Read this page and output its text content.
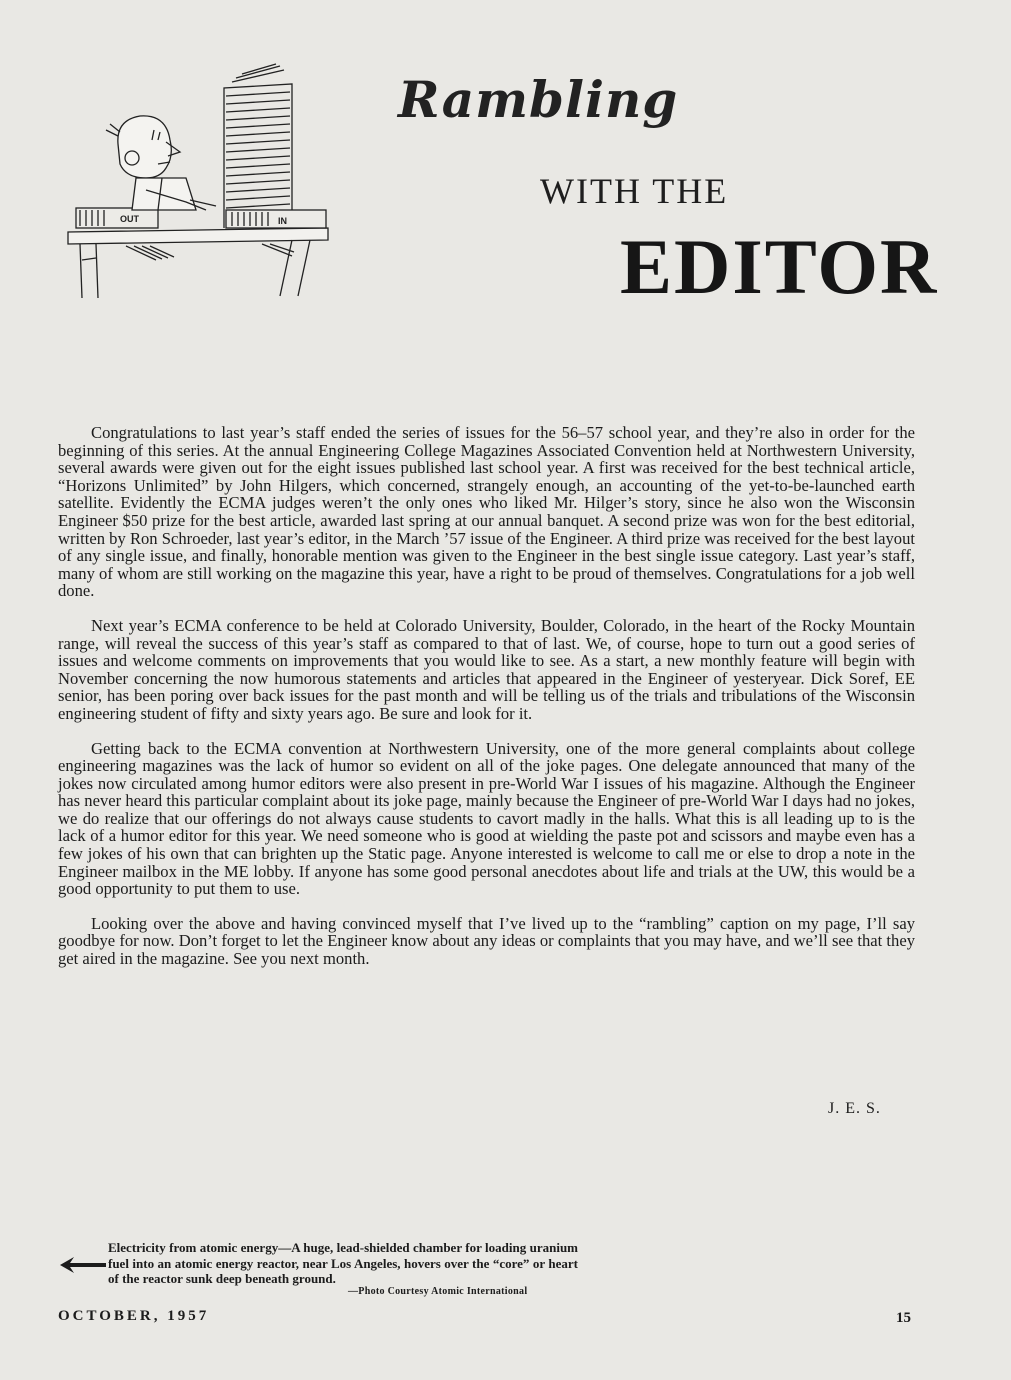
OUT	IN
Rambling
WITH THE
EDITOR

Congratulations to last year’s staff ended the series of issues for the 56–57 school year, and they’re also in order for the beginning of this series. At the annual Engineering College Magazines Associated Convention held at Northwestern University, several awards were given out for the eight issues published last school year. A first was received for the best technical article, “Horizons Unlimited” by John Hilgers, which concerned, strangely enough, an accounting of the yet-to-be-launched earth satellite. Evidently the ECMA judges weren’t the only ones who liked Mr. Hilger’s story, since he also won the Wisconsin Engineer $50 prize for the best article, awarded last spring at our annual banquet. A second prize was won for the best editorial, written by Ron Schroeder, last year’s editor, in the March ’57 issue of the Engineer. A third prize was received for the best layout of any single issue, and finally, honorable mention was given to the Engineer in the best single issue category. Last year’s staff, many of whom are still working on the magazine this year, have a right to be proud of themselves. Congratulations for a job well done.

Next year’s ECMA conference to be held at Colorado University, Boulder, Colorado, in the heart of the Rocky Mountain range, will reveal the success of this year’s staff as compared to that of last. We, of course, hope to turn out a good series of issues and welcome comments on improvements that you would like to see. As a start, a new monthly feature will begin with November concerning the now humorous statements and articles that appeared in the Engineer of yesteryear. Dick Soref, EE senior, has been poring over back issues for the past month and will be telling us of the trials and tribulations of the Wisconsin engineering student of fifty and sixty years ago. Be sure and look for it.

Getting back to the ECMA convention at Northwestern University, one of the more general complaints about college engineering magazines was the lack of humor so evident on all of the joke pages. One delegate announced that many of the jokes now circulated among humor editors were also present in pre-World War I issues of his magazine. Although the Engineer has never heard this particular complaint about its joke page, mainly because the Engineer of pre-World War I days had no jokes, we do realize that our offerings do not always cause students to cavort madly in the halls. What this is all leading up to is the lack of a humor editor for this year. We need someone who is good at wielding the paste pot and scissors and maybe even has a few jokes of his own that can brighten up the Static page. Anyone interested is welcome to call me or else to drop a note in the Engineer mailbox in the ME lobby. If anyone has some good personal anecdotes about life and trials at the UW, this would be a good opportunity to put them to use.

Looking over the above and having convinced myself that I’ve lived up to the “rambling” caption on my page, I’ll say goodbye for now. Don’t forget to let the Engineer know about any ideas or complaints that you may have, and we’ll see that they get aired in the magazine. See you next month.

J. E. S.
Electricity from atomic energy—A huge, lead-shielded chamber for loading uranium fuel into an atomic energy reactor, near Los Angeles, hovers over the “core” or heart of the reactor sunk deep beneath ground.
—Photo Courtesy Atomic International
OCTOBER, 1957	15
